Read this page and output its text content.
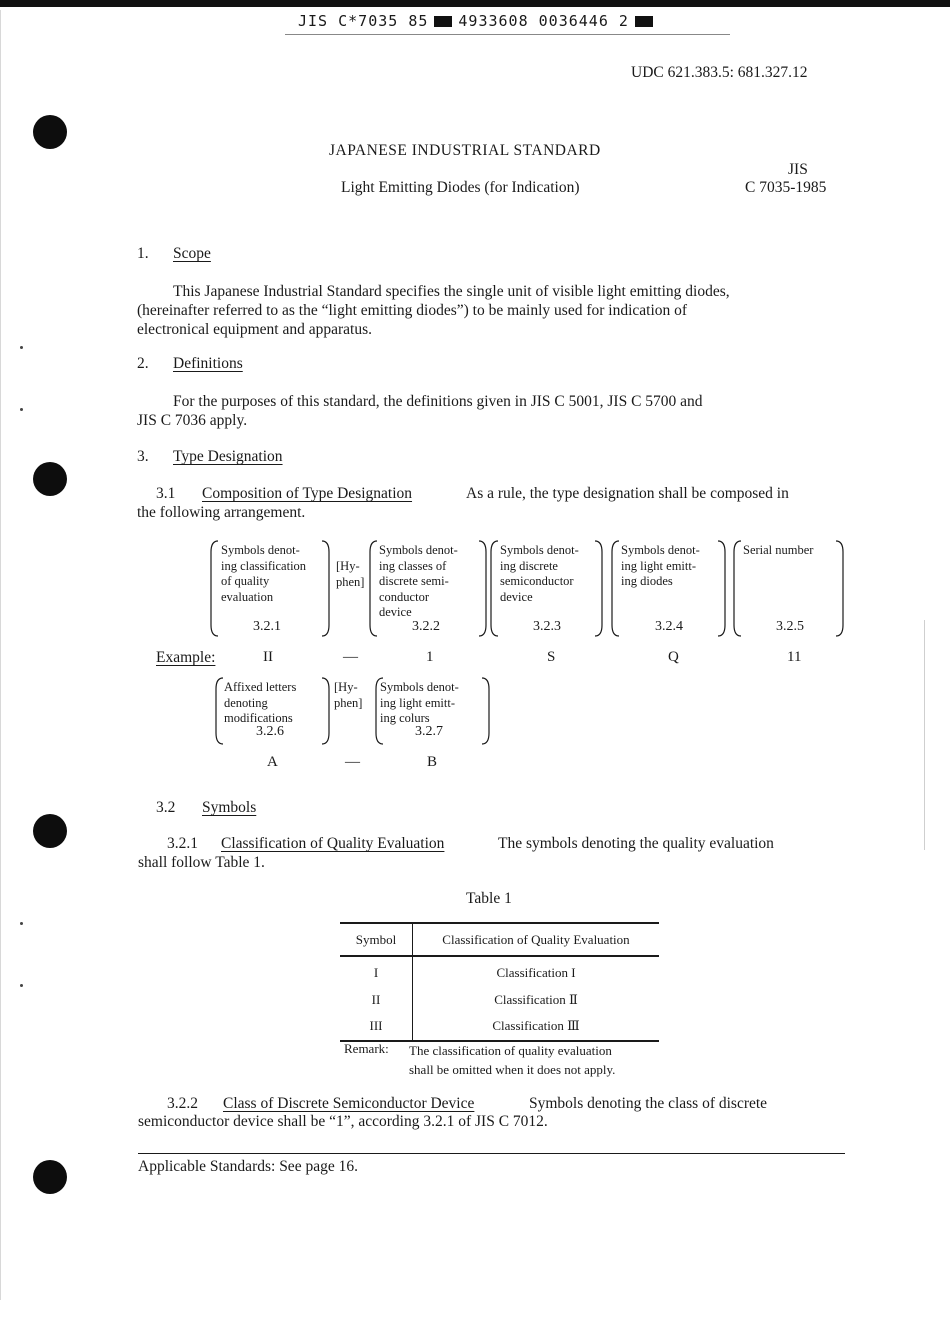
JIS C*7035 85 4933608 0036446 2
UDC 621.383.5: 681.327.12
JAPANESE INDUSTRIAL STANDARD
JIS
Light Emitting Diodes (for Indication)	C 7035-1985
1. Scope
This Japanese Industrial Standard specifies the single unit of visible light emitting diodes,
(hereinafter referred to as the “light emitting diodes”) to be mainly used for indication of
electronical equipment and apparatus.
2. Definitions
For the purposes of this standard, the definitions given in JIS C 5001, JIS C 5700 and
JIS C 7036 apply.
3. Type Designation
3.1 Composition of Type Designation	As a rule, the type designation shall be composed in
the following arrangement.
Symbols denot-
ing classification
of quality
evaluation
3.2.1
[Hy-
phen]
Symbols denot-
ing classes of
discrete semi-
conductor
device
3.2.2
Symbols denot-
ing discrete
semiconductor
device
3.2.3
Symbols denot-
ing light emitt-
ing diodes
3.2.4
Serial number
3.2.5
Example:	II	—	1	S	Q	11
Affixed letters
denoting
modifications
3.2.6
[Hy-
phen]
Symbols denot-
ing light emitt-
ing colurs
3.2.7
A	—	B
3.2 Symbols
3.2.1 Classification of Quality Evaluation	The symbols denoting the quality evaluation
shall follow Table 1.
Table 1
Symbol	Classification of Quality Evaluation
I	Classification I
II	Classification Ⅱ
III	Classification Ⅲ
Remark: The classification of quality evaluation
shall be omitted when it does not apply.
3.2.2 Class of Discrete Semiconductor Device	Symbols denoting the class of discrete
semiconductor device shall be “1”, according 3.2.1 of JIS C 7012.
Applicable Standards: See page 16.
